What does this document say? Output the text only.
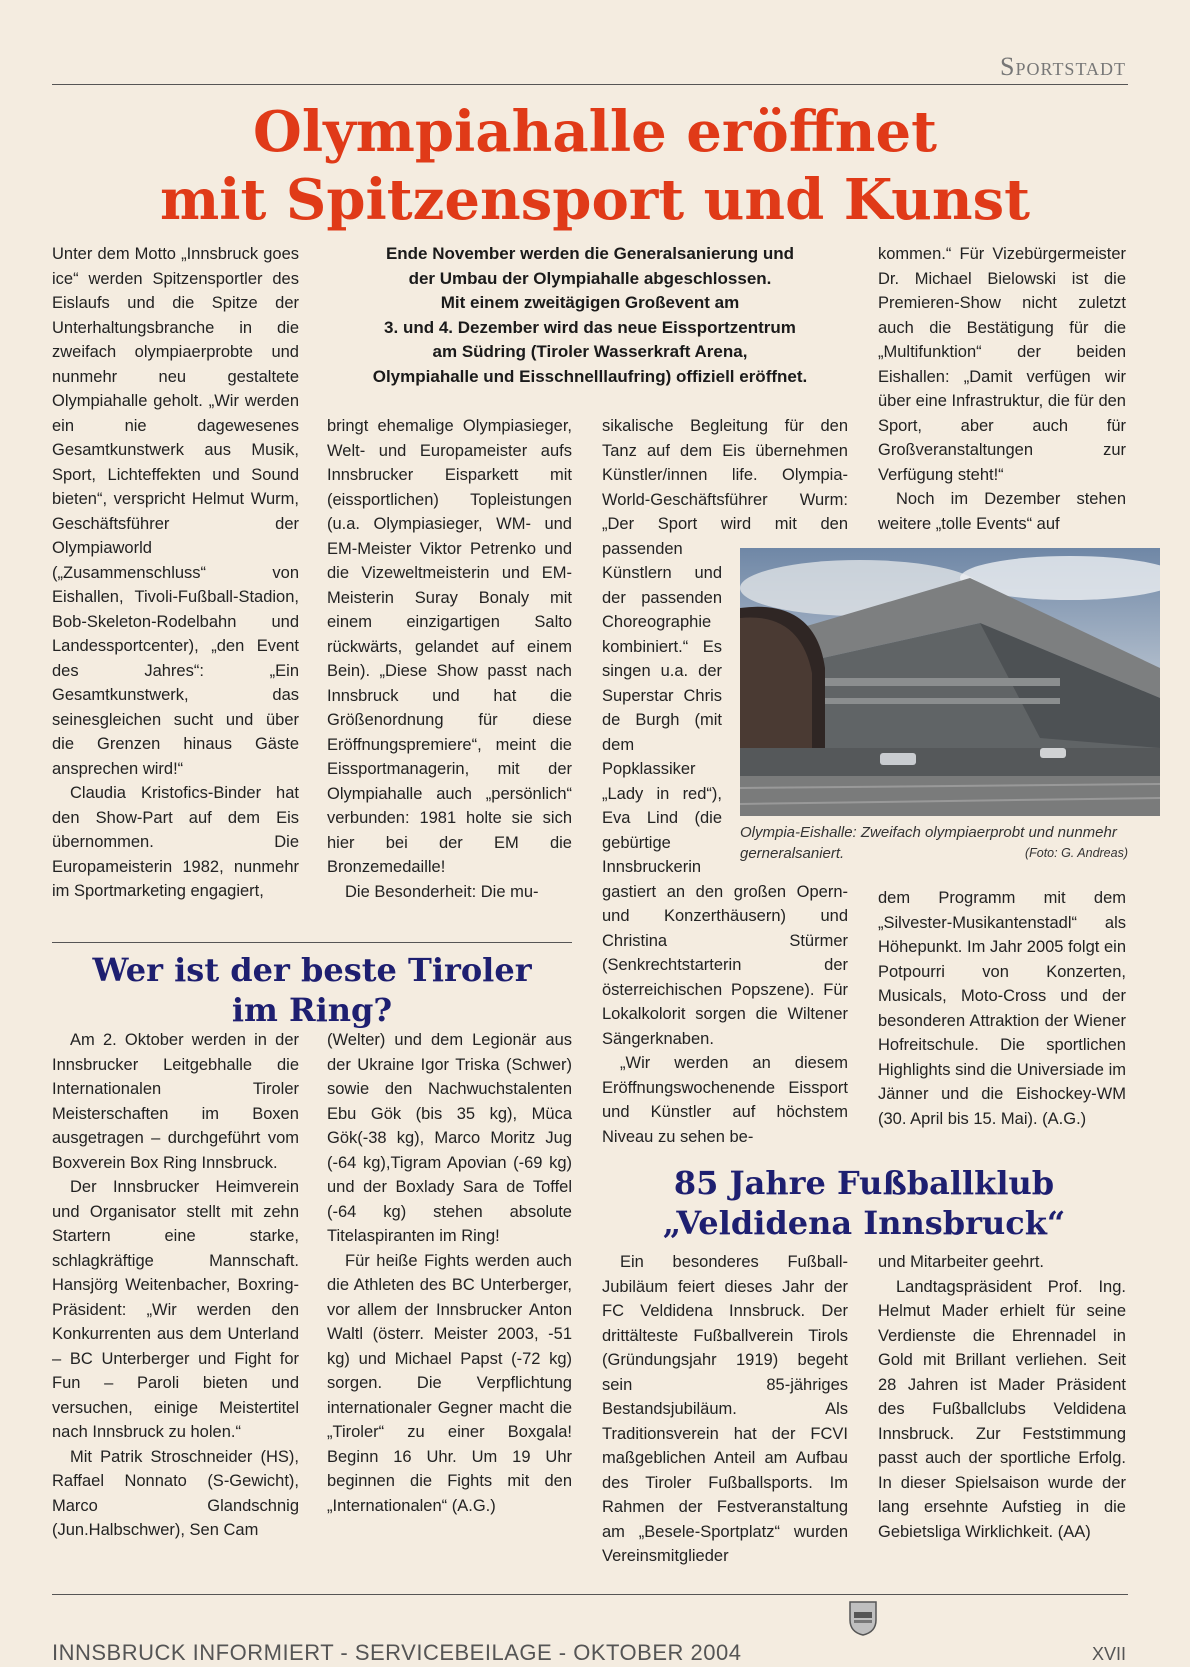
Sportstadt
Olympiahalle eröffnet
mit Spitzensport und Kunst
Ende November werden die Generalsanierung und
der Umbau der Olympiahalle abgeschlossen.
Mit einem zweitägigen Großevent am
3. und 4. Dezember wird das neue Eissportzentrum
am Südring (Tiroler Wasserkraft Arena,
Olympiahalle und Eisschnelllaufring) offiziell eröffnet.

Unter dem Motto „Innsbruck goes ice“ werden Spitzensportler des Eislaufs und die Spitze der Unterhaltungsbranche in die zweifach olympiaerprobte und nunmehr neu gestaltete Olympiahalle geholt. „Wir werden ein nie dagewesenes Gesamtkunstwerk aus Musik, Sport, Lichteffekten und Sound bieten“, verspricht Helmut Wurm, Geschäftsführer der Olympiaworld („Zusammenschluss“ von Eishallen, Tivoli-Fußball-Stadion, Bob-Skeleton-Rodelbahn und Landessportcenter), „den Event des Jahres“: „Ein Gesamtkunstwerk, das seinesgleichen sucht und über die Grenzen hinaus Gäste ansprechen wird!“

Claudia Kristofics-Binder hat den Show-Part auf dem Eis übernommen. Die Europameisterin 1982, nunmehr im Sportmarketing engagiert,

bringt ehemalige Olympiasieger, Welt- und Europameister aufs Innsbrucker Eisparkett mit (eissportlichen) Topleistungen (u.a. Olympiasieger, WM- und EM-Meister Viktor Petrenko und die Vizeweltmeisterin und EM-Meisterin Suray Bonaly mit einem einzigartigen Salto rückwärts, gelandet auf einem Bein). „Diese Show passt nach Innsbruck und hat die Größenordnung für diese Eröffnungspremiere“, meint die Eissportmanagerin, mit der Olympiahalle auch „persönlich“ verbunden: 1981 holte sie sich hier bei der EM die Bronzemedaille!

Die Besonderheit: Die mu-

sikalische Begleitung für den Tanz auf dem Eis übernehmen Künstler/innen life. Olympia-World-Geschäftsführer Wurm: „Der Sport wird mit den passenden Künstlern und der passenden Choreographie kombiniert.“ Es singen u.a. der Superstar Chris de Burgh (mit dem Popklassiker „Lady in red“), Eva Lind (die gebürtige Innsbruckerin gastiert an den großen Opern- und Konzerthäusern) und Christina Stürmer (Senkrechtstarterin der österreichischen Popszene). Für Lokalkolorit sorgen die Wiltener Sängerknaben.

„Wir werden an diesem Eröffnungswochenende Eissport und Künstler auf höchstem Niveau zu sehen be-

kommen.“ Für Vizebürgermeister Dr. Michael Bielowski ist die Premieren-Show nicht zuletzt auch die Bestätigung für die „Multifunktion“ der beiden Eishallen: „Damit verfügen wir über eine Infrastruktur, die für den Sport, aber auch für Großveranstaltungen zur Verfügung steht!“

Noch im Dezember stehen weitere „tolle Events“ auf

Olympia-Eishalle: Zweifach olympiaerprobt und nunmehr gerneralsaniert.	(Foto: G. Andreas)

dem Programm mit dem „Silvester-Musikantenstadl“ als Höhepunkt. Im Jahr 2005 folgt ein Potpourri von Konzerten, Musicals, Moto-Cross und der besonderen Attraktion der Wiener Hofreitschule. Die sportlichen Highlights sind die Universiade im Jänner und die Eishockey-WM (30. April bis 15. Mai). (A.G.)

Wer ist der beste Tiroler
im Ring?

Am 2. Oktober werden in der Innsbrucker Leitgebhalle die Internationalen Tiroler Meisterschaften im Boxen ausgetragen – durchgeführt vom Boxverein Box Ring Innsbruck.

Der Innsbrucker Heimverein und Organisator stellt mit zehn Startern eine starke, schlagkräftige Mannschaft. Hansjörg Weitenbacher, Boxring-Präsident: „Wir werden den Konkurrenten aus dem Unterland – BC Unterberger und Fight for Fun – Paroli bieten und versuchen, einige Meistertitel nach Innsbruck zu holen.“

Mit Patrik Stroschneider (HS), Raffael Nonnato (S-Gewicht), Marco Glandschnig (Jun.Halbschwer), Sen Cam

(Welter) und dem Legionär aus der Ukraine Igor Triska (Schwer) sowie den Nachwuchstalenten Ebu Gök (bis 35 kg), Müca Gök(-38 kg), Marco Moritz Jug (-64 kg),Tigram Apovian (-69 kg) und der Boxlady Sara de Toffel (-64 kg) stehen absolute Titelaspiranten im Ring!

Für heiße Fights werden auch die Athleten des BC Unterberger, vor allem der Innsbrucker Anton Waltl (österr. Meister 2003, -51 kg) und Michael Papst (-72 kg) sorgen. Die Verpflichtung internationaler Gegner macht die „Tiroler“ zu einer Boxgala! Beginn 16 Uhr. Um 19 Uhr beginnen die Fights mit den „Internationalen“ (A.G.)

85 Jahre Fußballklub
„Veldidena Innsbruck“

Ein besonderes Fußball-Jubiläum feiert dieses Jahr der FC Veldidena Innsbruck. Der drittälteste Fußballverein Tirols (Gründungsjahr 1919) begeht sein 85-jähriges Bestandsjubiläum. Als Traditionsverein hat der FCVI maßgeblichen Anteil am Aufbau des Tiroler Fußballsports. Im Rahmen der Festveranstaltung am „Besele-Sportplatz“ wurden Vereinsmitglieder

und Mitarbeiter geehrt.

Landtagspräsident Prof. Ing. Helmut Mader erhielt für seine Verdienste die Ehrennadel in Gold mit Brillant verliehen. Seit 28 Jahren ist Mader Präsident des Fußballclubs Veldidena Innsbruck. Zur Feststimmung passt auch der sportliche Erfolg. In dieser Spielsaison wurde der lang ersehnte Aufstieg in die Gebietsliga Wirklichkeit. (AA)

INNSBRUCK INFORMIERT - SERVICEBEILAGE - OKTOBER 2004	XVII
